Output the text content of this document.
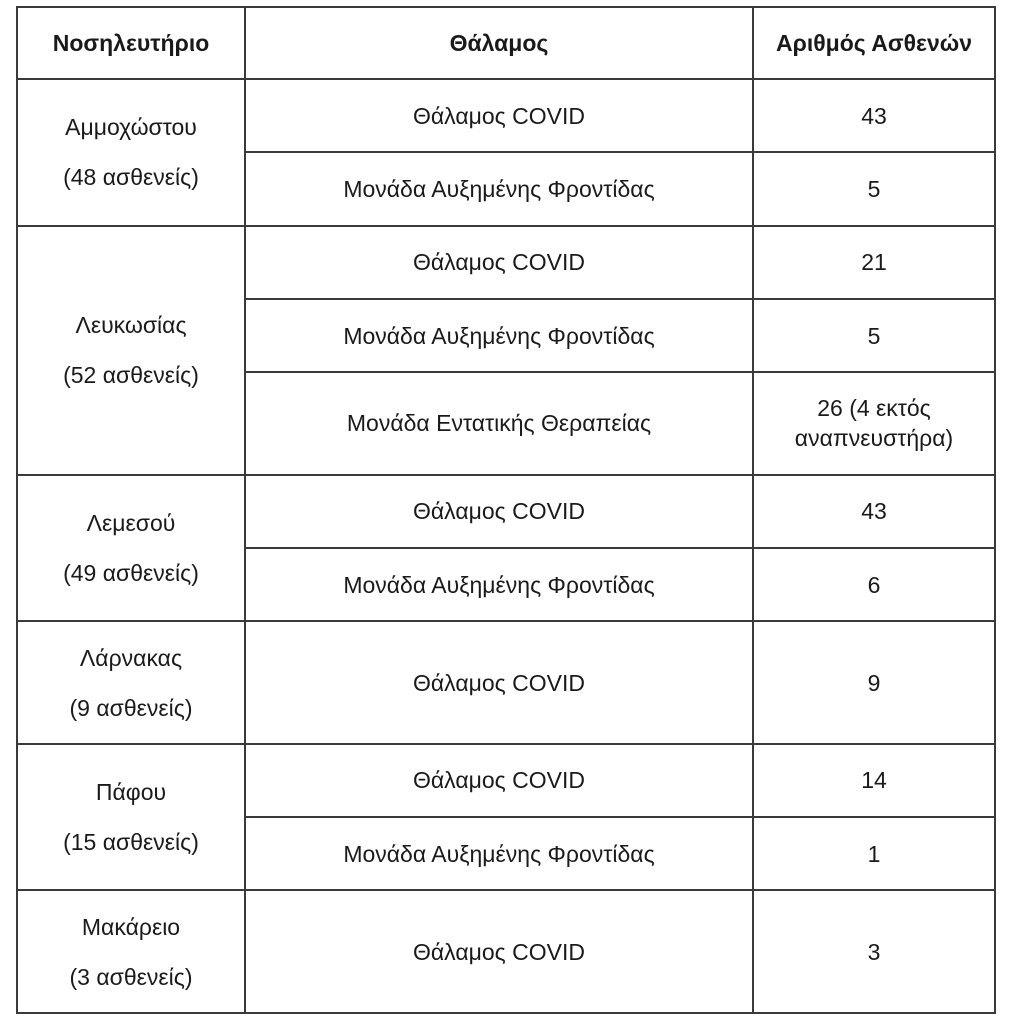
Νοσηλευτήριο	Θάλαμος	Αριθμός Ασθενών

Αμμοχώστου
(48 ασθενείς)	Θάλαμος COVID	43
	Μονάδα Αυξημένης Φροντίδας	5

Λευκωσίας
(52 ασθενείς)	Θάλαμος COVID	21
	Μονάδα Αυξημένης Φροντίδας	5
	Μονάδα Εντατικής Θεραπείας	26 (4 εκτός αναπνευστήρα)

Λεμεσού
(49 ασθενείς)	Θάλαμος COVID	43
	Μονάδα Αυξημένης Φροντίδας	6

Λάρνακας
(9 ασθενείς)	Θάλαμος COVID	9

Πάφου
(15 ασθενείς)	Θάλαμος COVID	14
	Μονάδα Αυξημένης Φροντίδας	1

Μακάρειο
(3 ασθενείς)	Θάλαμος COVID	3
